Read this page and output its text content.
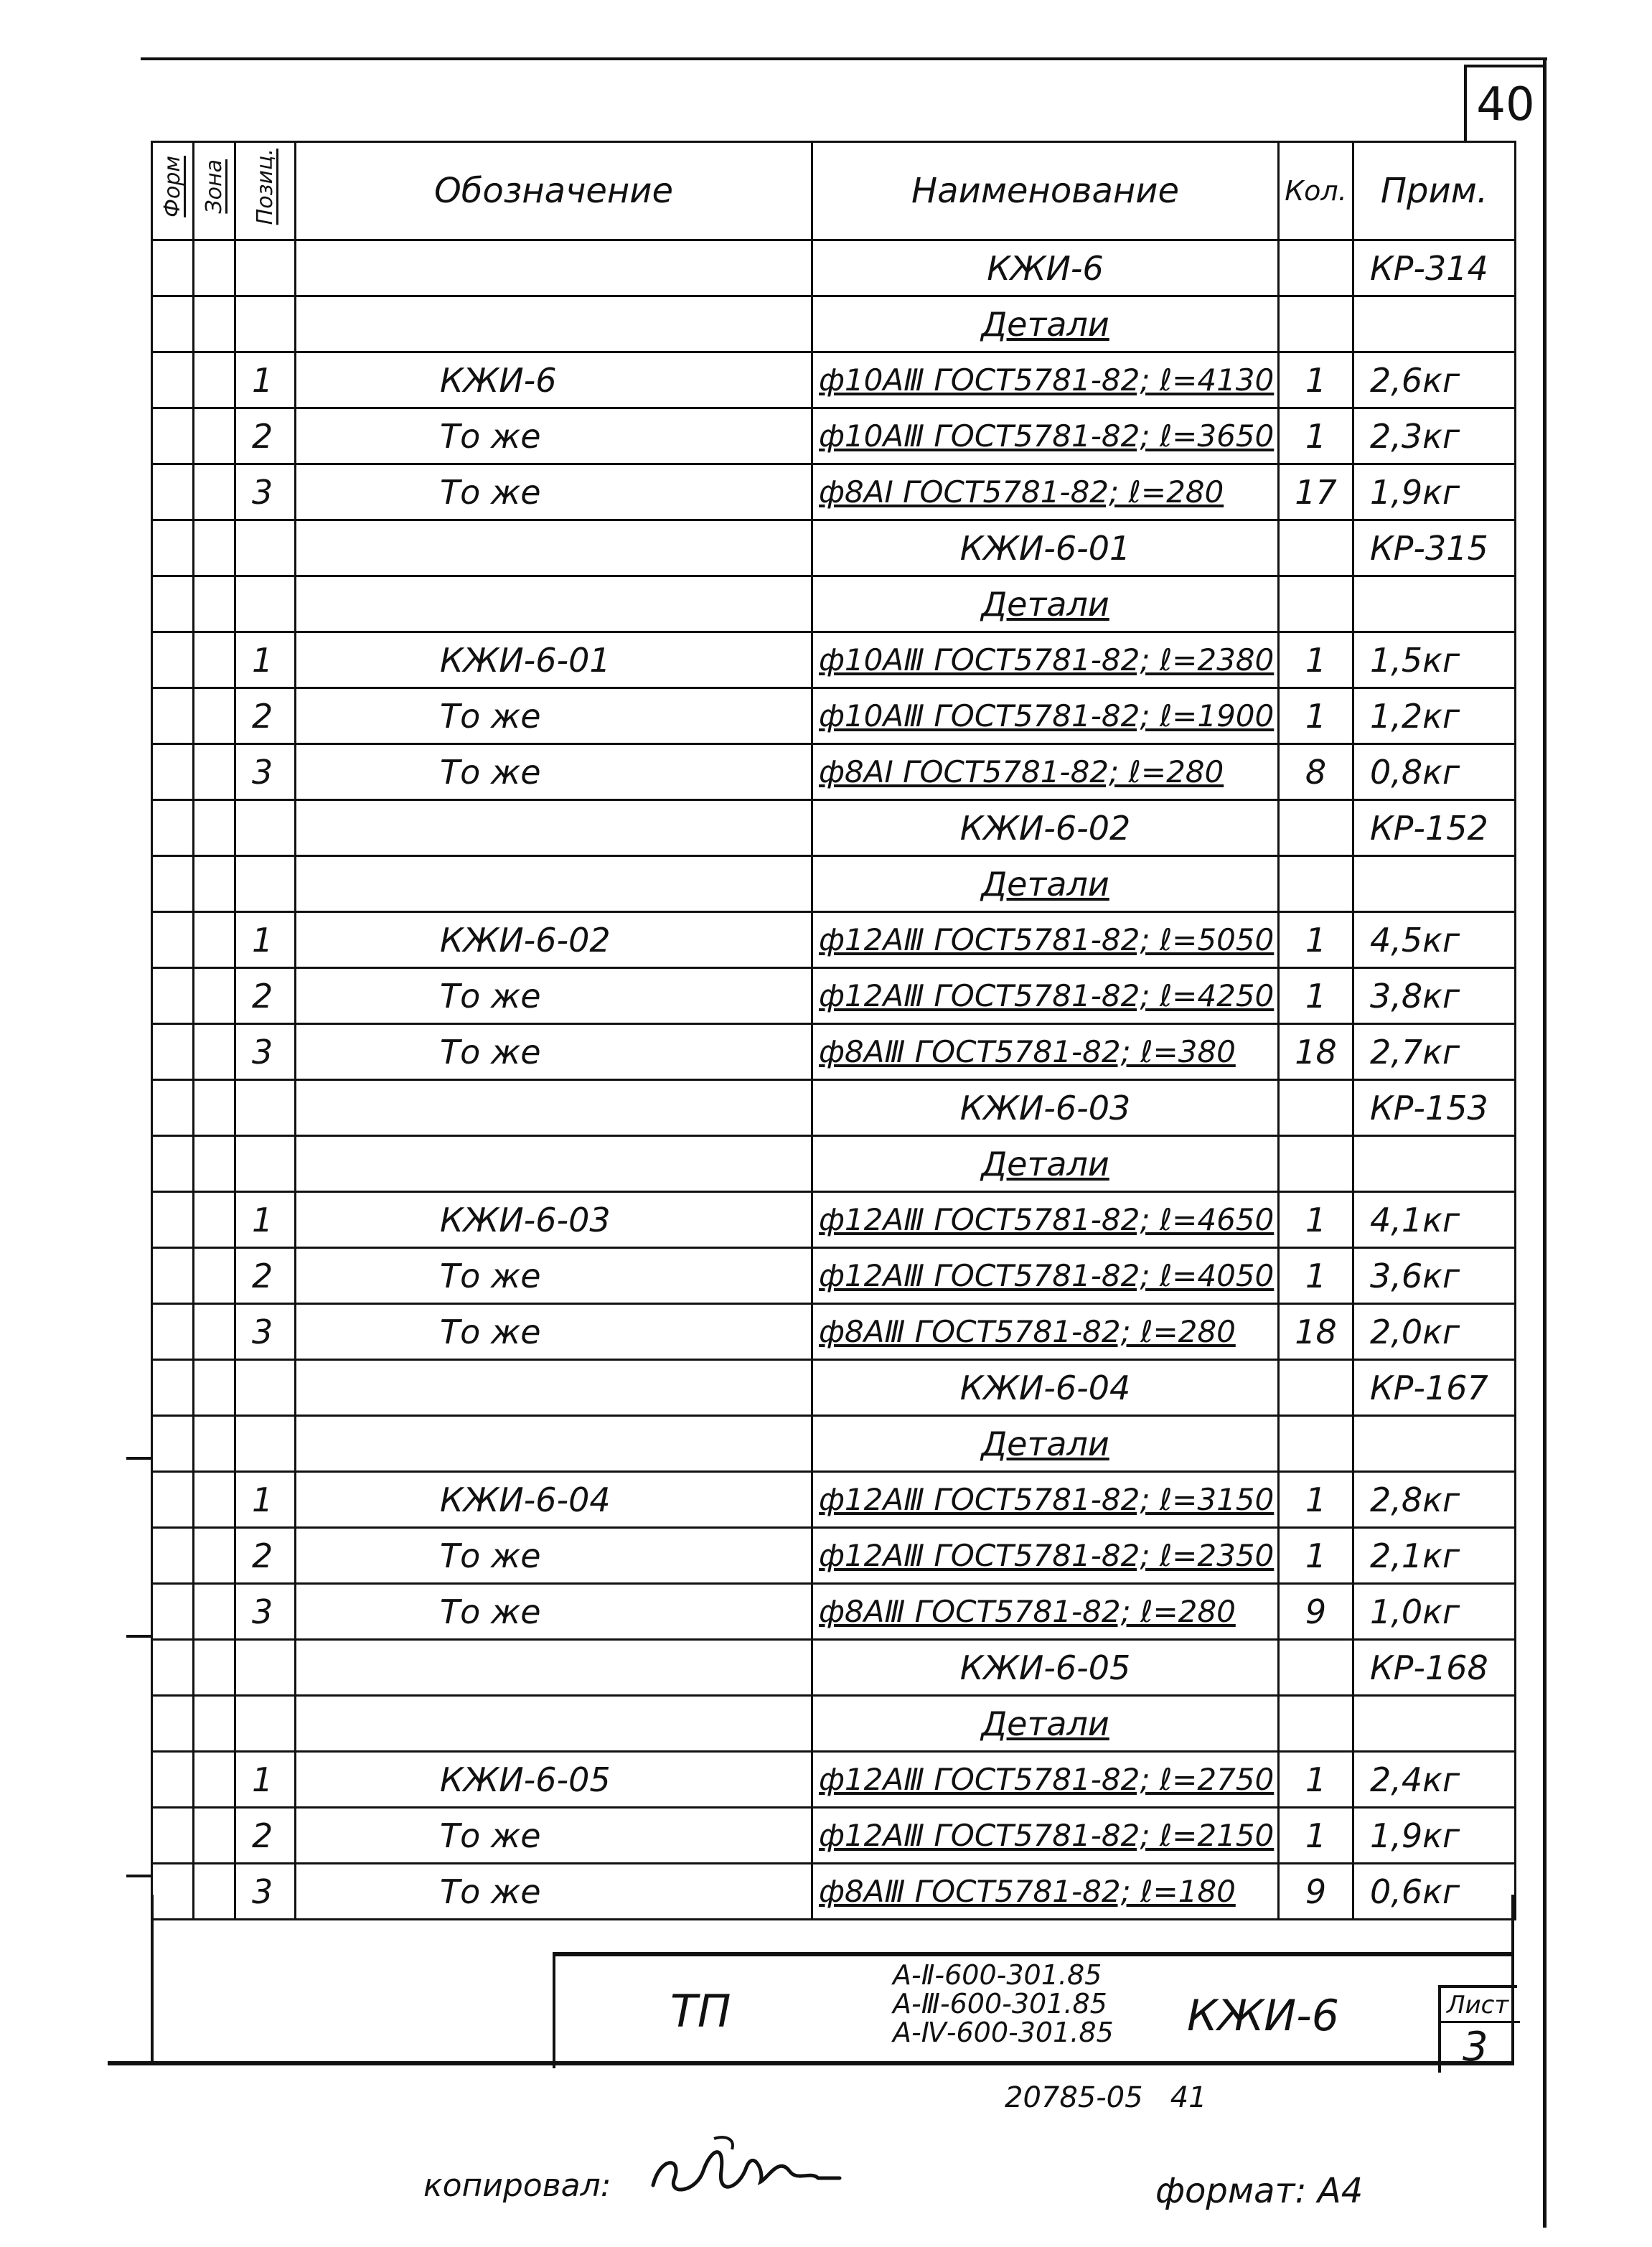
40
Форм	Зона	Позиц.	Обозначение	Наименование	Кол.	Прим.
				КЖИ-6		КР-314
				Детали		
		1	КЖИ-6	ф10АⅢ ГОСТ5781-82; ℓ=4130	1	2,6кг
		2	То же	ф10АⅢ ГОСТ5781-82; ℓ=3650	1	2,3кг
		3	То же	ф8АI ГОСТ5781-82; ℓ=280	17	1,9кг
				КЖИ-6-01		КР-315
				Детали		
		1	КЖИ-6-01	ф10АⅢ ГОСТ5781-82; ℓ=2380	1	1,5кг
		2	То же	ф10АⅢ ГОСТ5781-82; ℓ=1900	1	1,2кг
		3	То же	ф8АI ГОСТ5781-82; ℓ=280	8	0,8кг
				КЖИ-6-02		КР-152
				Детали		
		1	КЖИ-6-02	ф12АⅢ ГОСТ5781-82; ℓ=5050	1	4,5кг
		2	То же	ф12АⅢ ГОСТ5781-82; ℓ=4250	1	3,8кг
		3	То же	ф8АⅢ ГОСТ5781-82; ℓ=380	18	2,7кг
				КЖИ-6-03		КР-153
				Детали		
		1	КЖИ-6-03	ф12АⅢ ГОСТ5781-82; ℓ=4650	1	4,1кг
		2	То же	ф12АⅢ ГОСТ5781-82; ℓ=4050	1	3,6кг
		3	То же	ф8АⅢ ГОСТ5781-82; ℓ=280	18	2,0кг
				КЖИ-6-04		КР-167
				Детали		
		1	КЖИ-6-04	ф12АⅢ ГОСТ5781-82; ℓ=3150	1	2,8кг
		2	То же	ф12АⅢ ГОСТ5781-82; ℓ=2350	1	2,1кг
		3	То же	ф8АⅢ ГОСТ5781-82; ℓ=280	9	1,0кг
				КЖИ-6-05		КР-168
				Детали		
		1	КЖИ-6-05	ф12АⅢ ГОСТ5781-82; ℓ=2750	1	2,4кг
		2	То же	ф12АⅢ ГОСТ5781-82; ℓ=2150	1	1,9кг
		3	То же	ф8АⅢ ГОСТ5781-82; ℓ=180	9	0,6кг
ТП
А-Ⅱ-600-301.85
А-Ⅲ-600-301.85
А-Ⅳ-600-301.85 КЖИ-6	Лист
3
20785-05   41
копировал:	формат: А4
